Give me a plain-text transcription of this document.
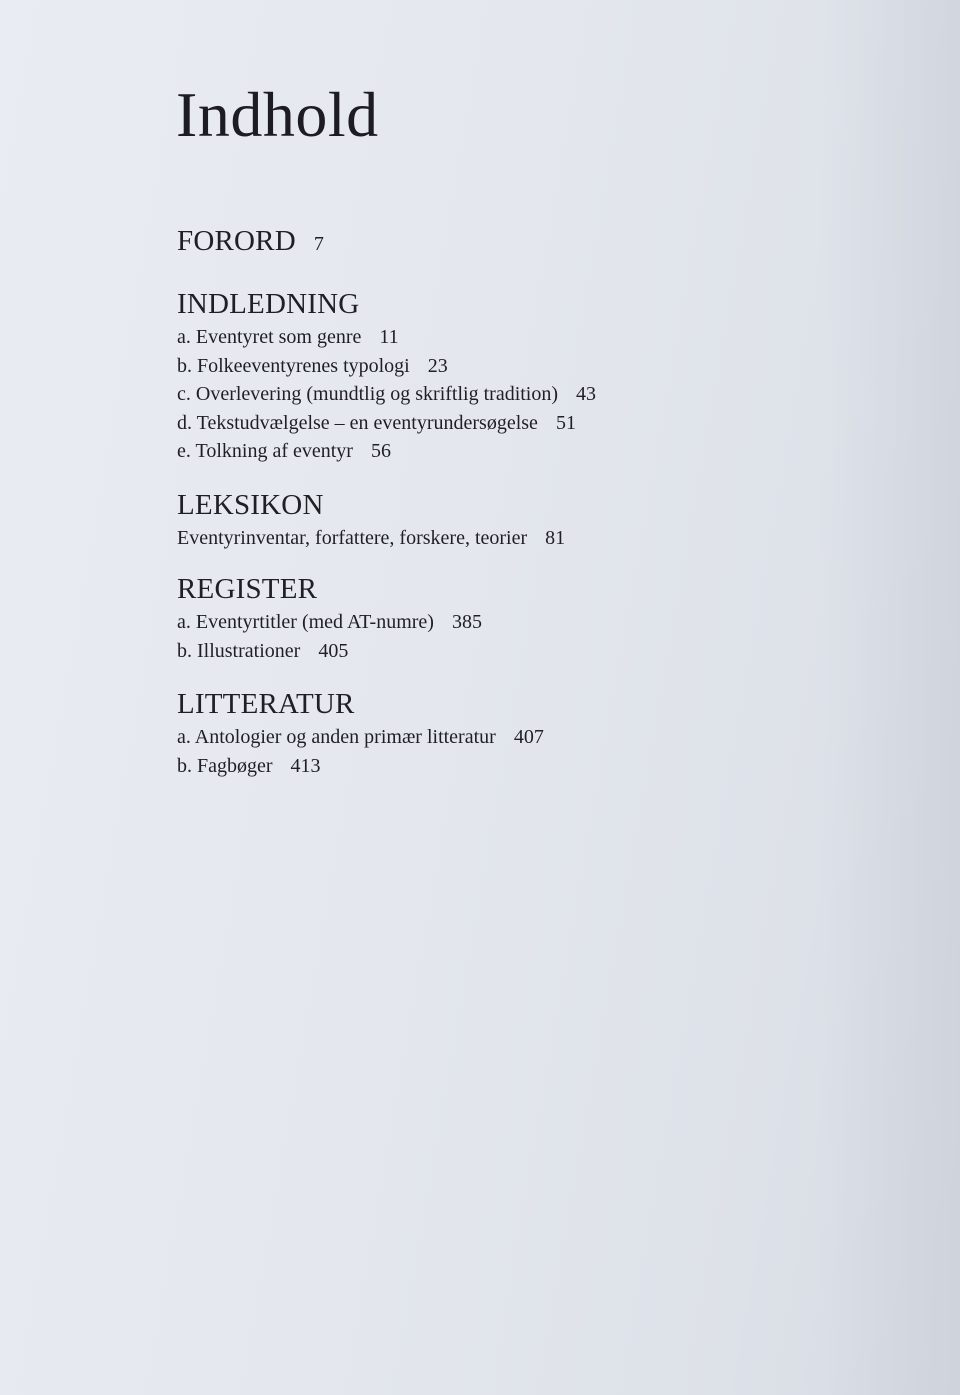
Indhold
FORORD 7
INDLEDNING
a. Eventyret som genre 11
b. Folkeeventyrenes typologi 23
c. Overlevering (mundtlig og skriftlig tradition) 43
d. Tekstudvælgelse – en eventyrundersøgelse 51
e. Tolkning af eventyr 56
LEKSIKON
Eventyrinventar, forfattere, forskere, teorier 81
REGISTER
a. Eventyrtitler (med AT-numre) 385
b. Illustrationer 405
LITTERATUR
a. Antologier og anden primær litteratur 407
b. Fagbøger 413
